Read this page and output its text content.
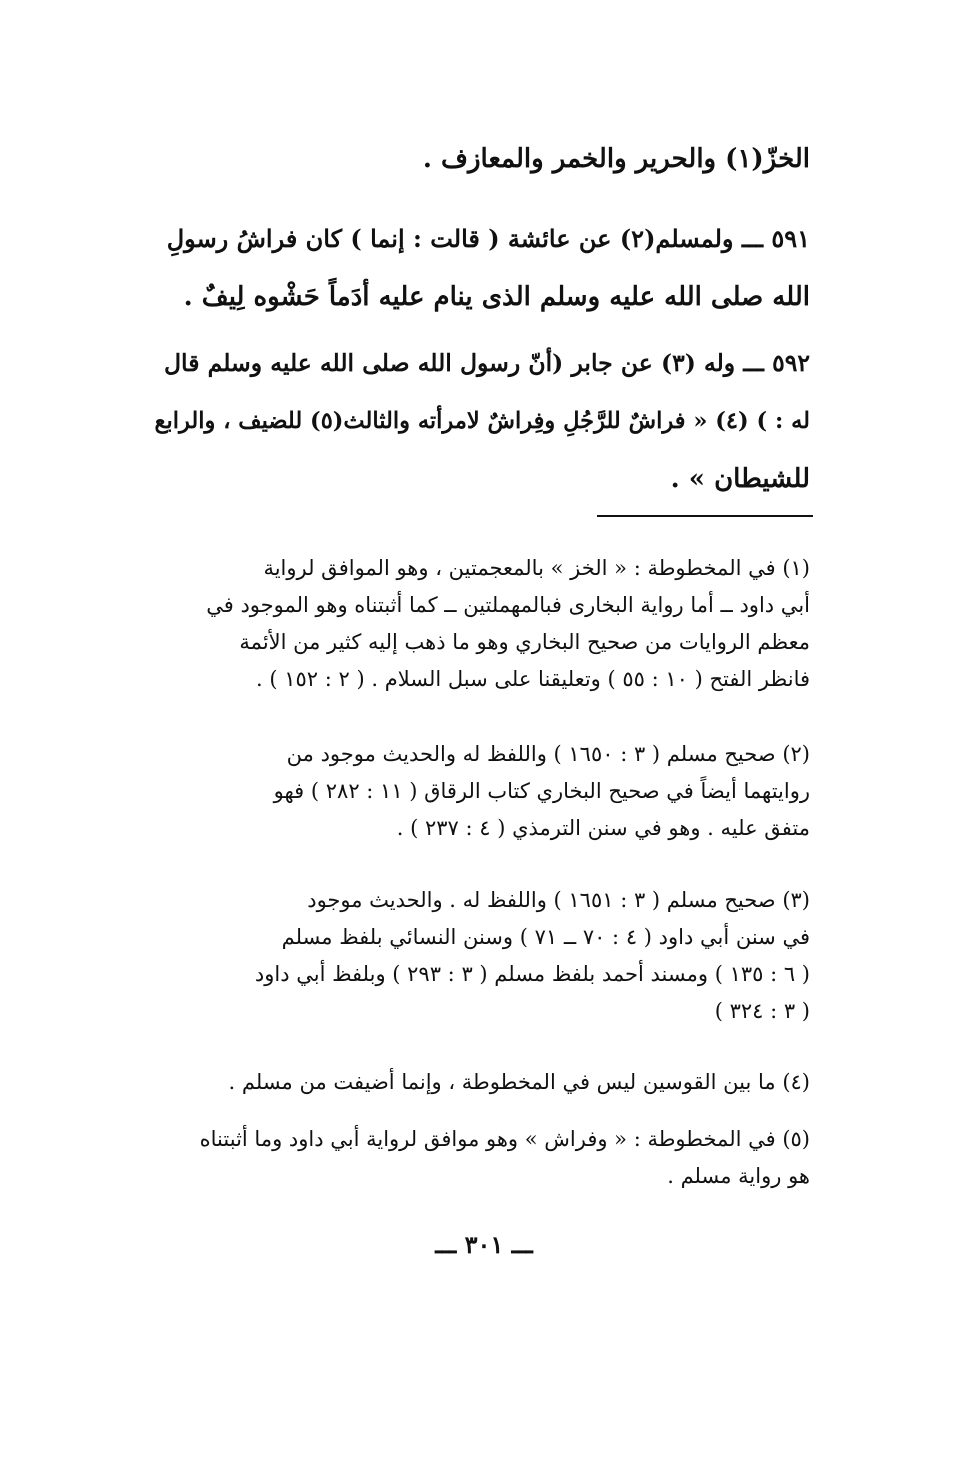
الخزّ(١) والحرير والخمر والمعازف .
٥٩١ ـــ ولمسلم(٢) عن عائشة ( قالت : إنما ) كان فراشُ رسولِ
الله صلى الله عليه وسلم الذى ينام عليه أدَماً حَشْوه لِيفٌ .
٥٩٢ ـــ وله (٣) عن جابر (أنّ رسول الله صلى الله عليه وسلم قال
له : ) (٤) « فراشٌ للرَّجُلِ وفِراشٌ لامرأته والثالث(٥) للضيف ، والرابع
للشيطان » .
(١) في المخطوطة : « الخز » بالمعجمتين ، وهو الموافق لرواية
أبي داود ــ أما رواية البخارى فبالمهملتين ــ كما أثبتناه وهو الموجود في
معظم الروايات من صحيح البخاري وهو ما ذهب إليه كثير من الأئمة
فانظر الفتح ( ١٠ : ٥٥ ) وتعليقنا على سبل السلام . ( ٢ : ١٥٢ ) .
(٢) صحيح مسلم ( ٣ : ١٦٥٠ ) واللفظ له والحديث موجود من
روايتهما أيضاً في صحيح البخاري كتاب الرقاق ( ١١ : ٢٨٢ ) فهو
متفق عليه . وهو في سنن الترمذي ( ٤ : ٢٣٧ ) .
(٣) صحيح مسلم ( ٣ : ١٦٥١ ) واللفظ له . والحديث موجود
في سنن أبي داود ( ٤ : ٧٠ ــ ٧١ ) وسنن النسائي بلفظ مسلم
( ٦ : ١٣٥ ) ومسند أحمد بلفظ مسلم ( ٣ : ٢٩٣ ) وبلفظ أبي داود
( ٣ : ٣٢٤ )
(٤) ما بين القوسين ليس في المخطوطة ، وإنما أضيفت من مسلم .
(٥) في المخطوطة : « وفراش » وهو موافق لرواية أبي داود وما أثبتناه
هو رواية مسلم .
ـــ ٣٠١ ـــ
